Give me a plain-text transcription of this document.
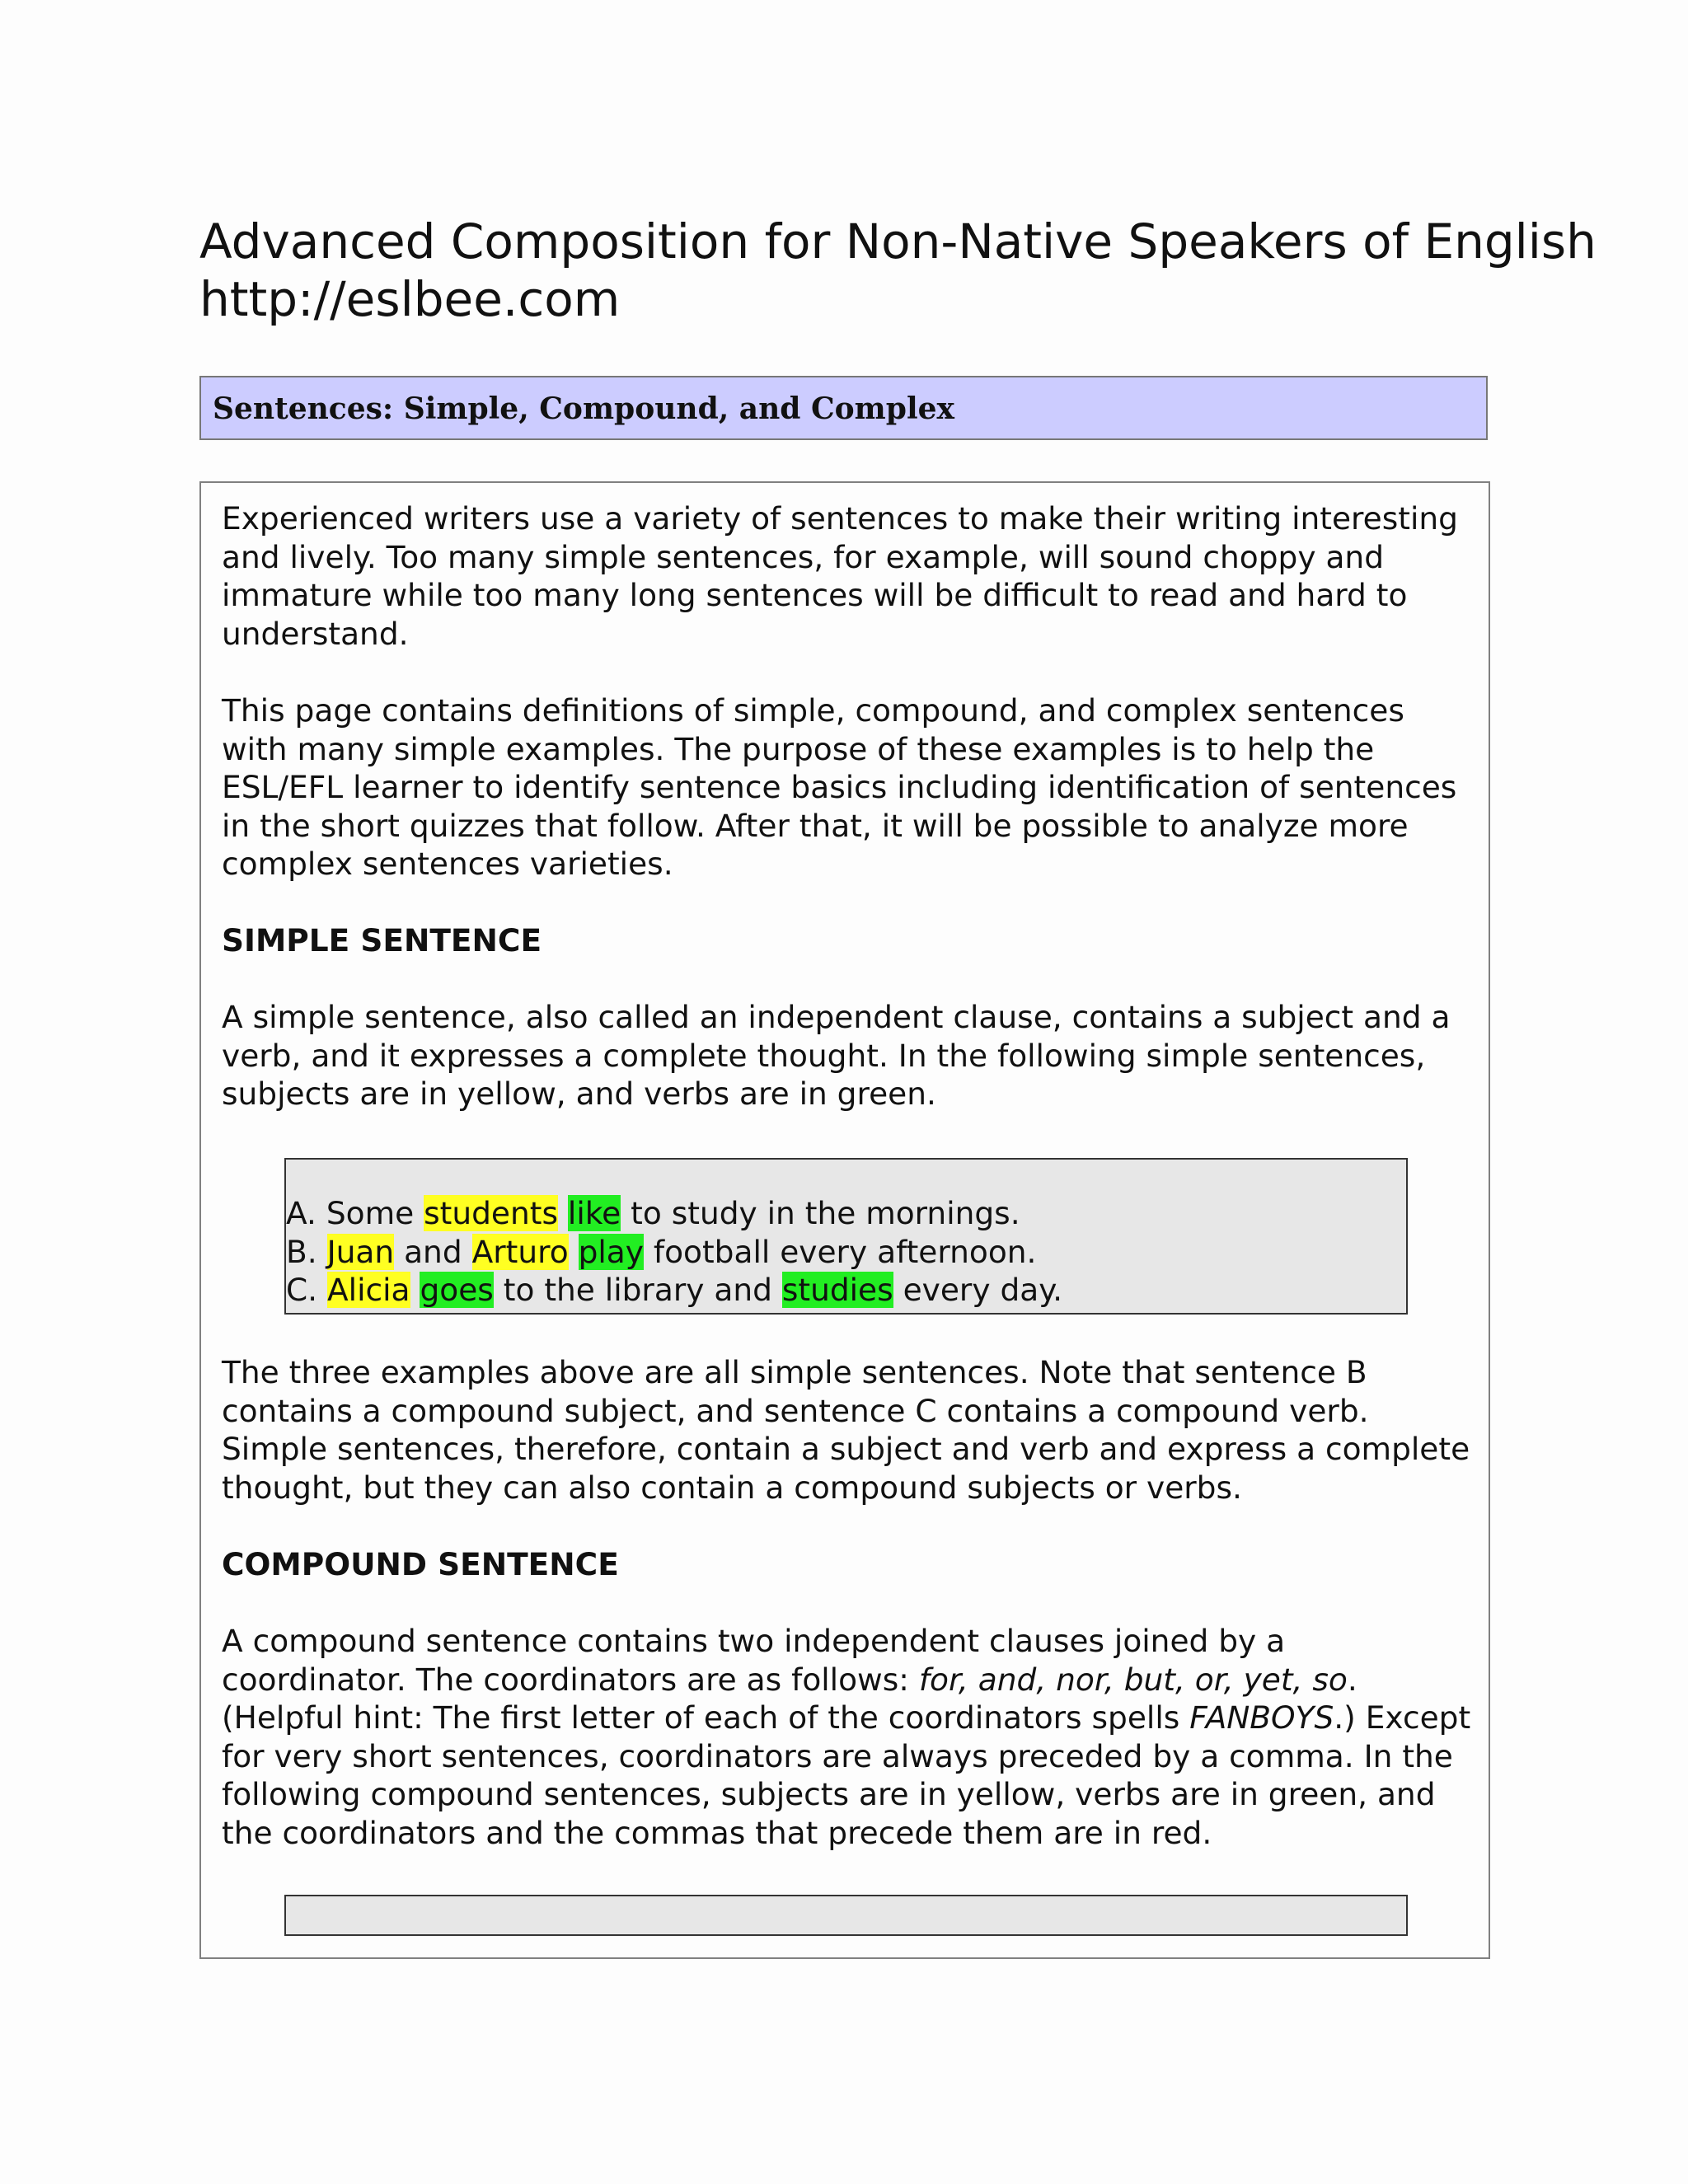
Advanced Composition for Non-Native Speakers of English
http://eslbee.com
Sentences: Simple, Compound, and Complex

Experienced writers use a variety of sentences to make their writing interesting and lively. Too many simple sentences, for example, will sound choppy and immature while too many long sentences will be difficult to read and hard to understand.

This page contains definitions of simple, compound, and complex sentences with many simple examples. The purpose of these examples is to help the ESL/EFL learner to identify sentence basics including identification of sentences in the short quizzes that follow. After that, it will be possible to analyze more complex sentences varieties.

SIMPLE SENTENCE

A simple sentence, also called an independent clause, contains a subject and a verb, and it expresses a complete thought. In the following simple sentences, subjects are in yellow, and verbs are in green.

A. Some students like to study in the mornings.
B. Juan and Arturo play football every afternoon.
C. Alicia goes to the library and studies every day.

The three examples above are all simple sentences. Note that sentence B contains a compound subject, and sentence C contains a compound verb. Simple sentences, therefore, contain a subject and verb and express a complete thought, but they can also contain a compound subjects or verbs.

COMPOUND SENTENCE

A compound sentence contains two independent clauses joined by a coordinator. The coordinators are as follows: for, and, nor, but, or, yet, so. (Helpful hint: The first letter of each of the coordinators spells FANBOYS.) Except for very short sentences, coordinators are always preceded by a comma. In the following compound sentences, subjects are in yellow, verbs are in green, and the coordinators and the commas that precede them are in red.
